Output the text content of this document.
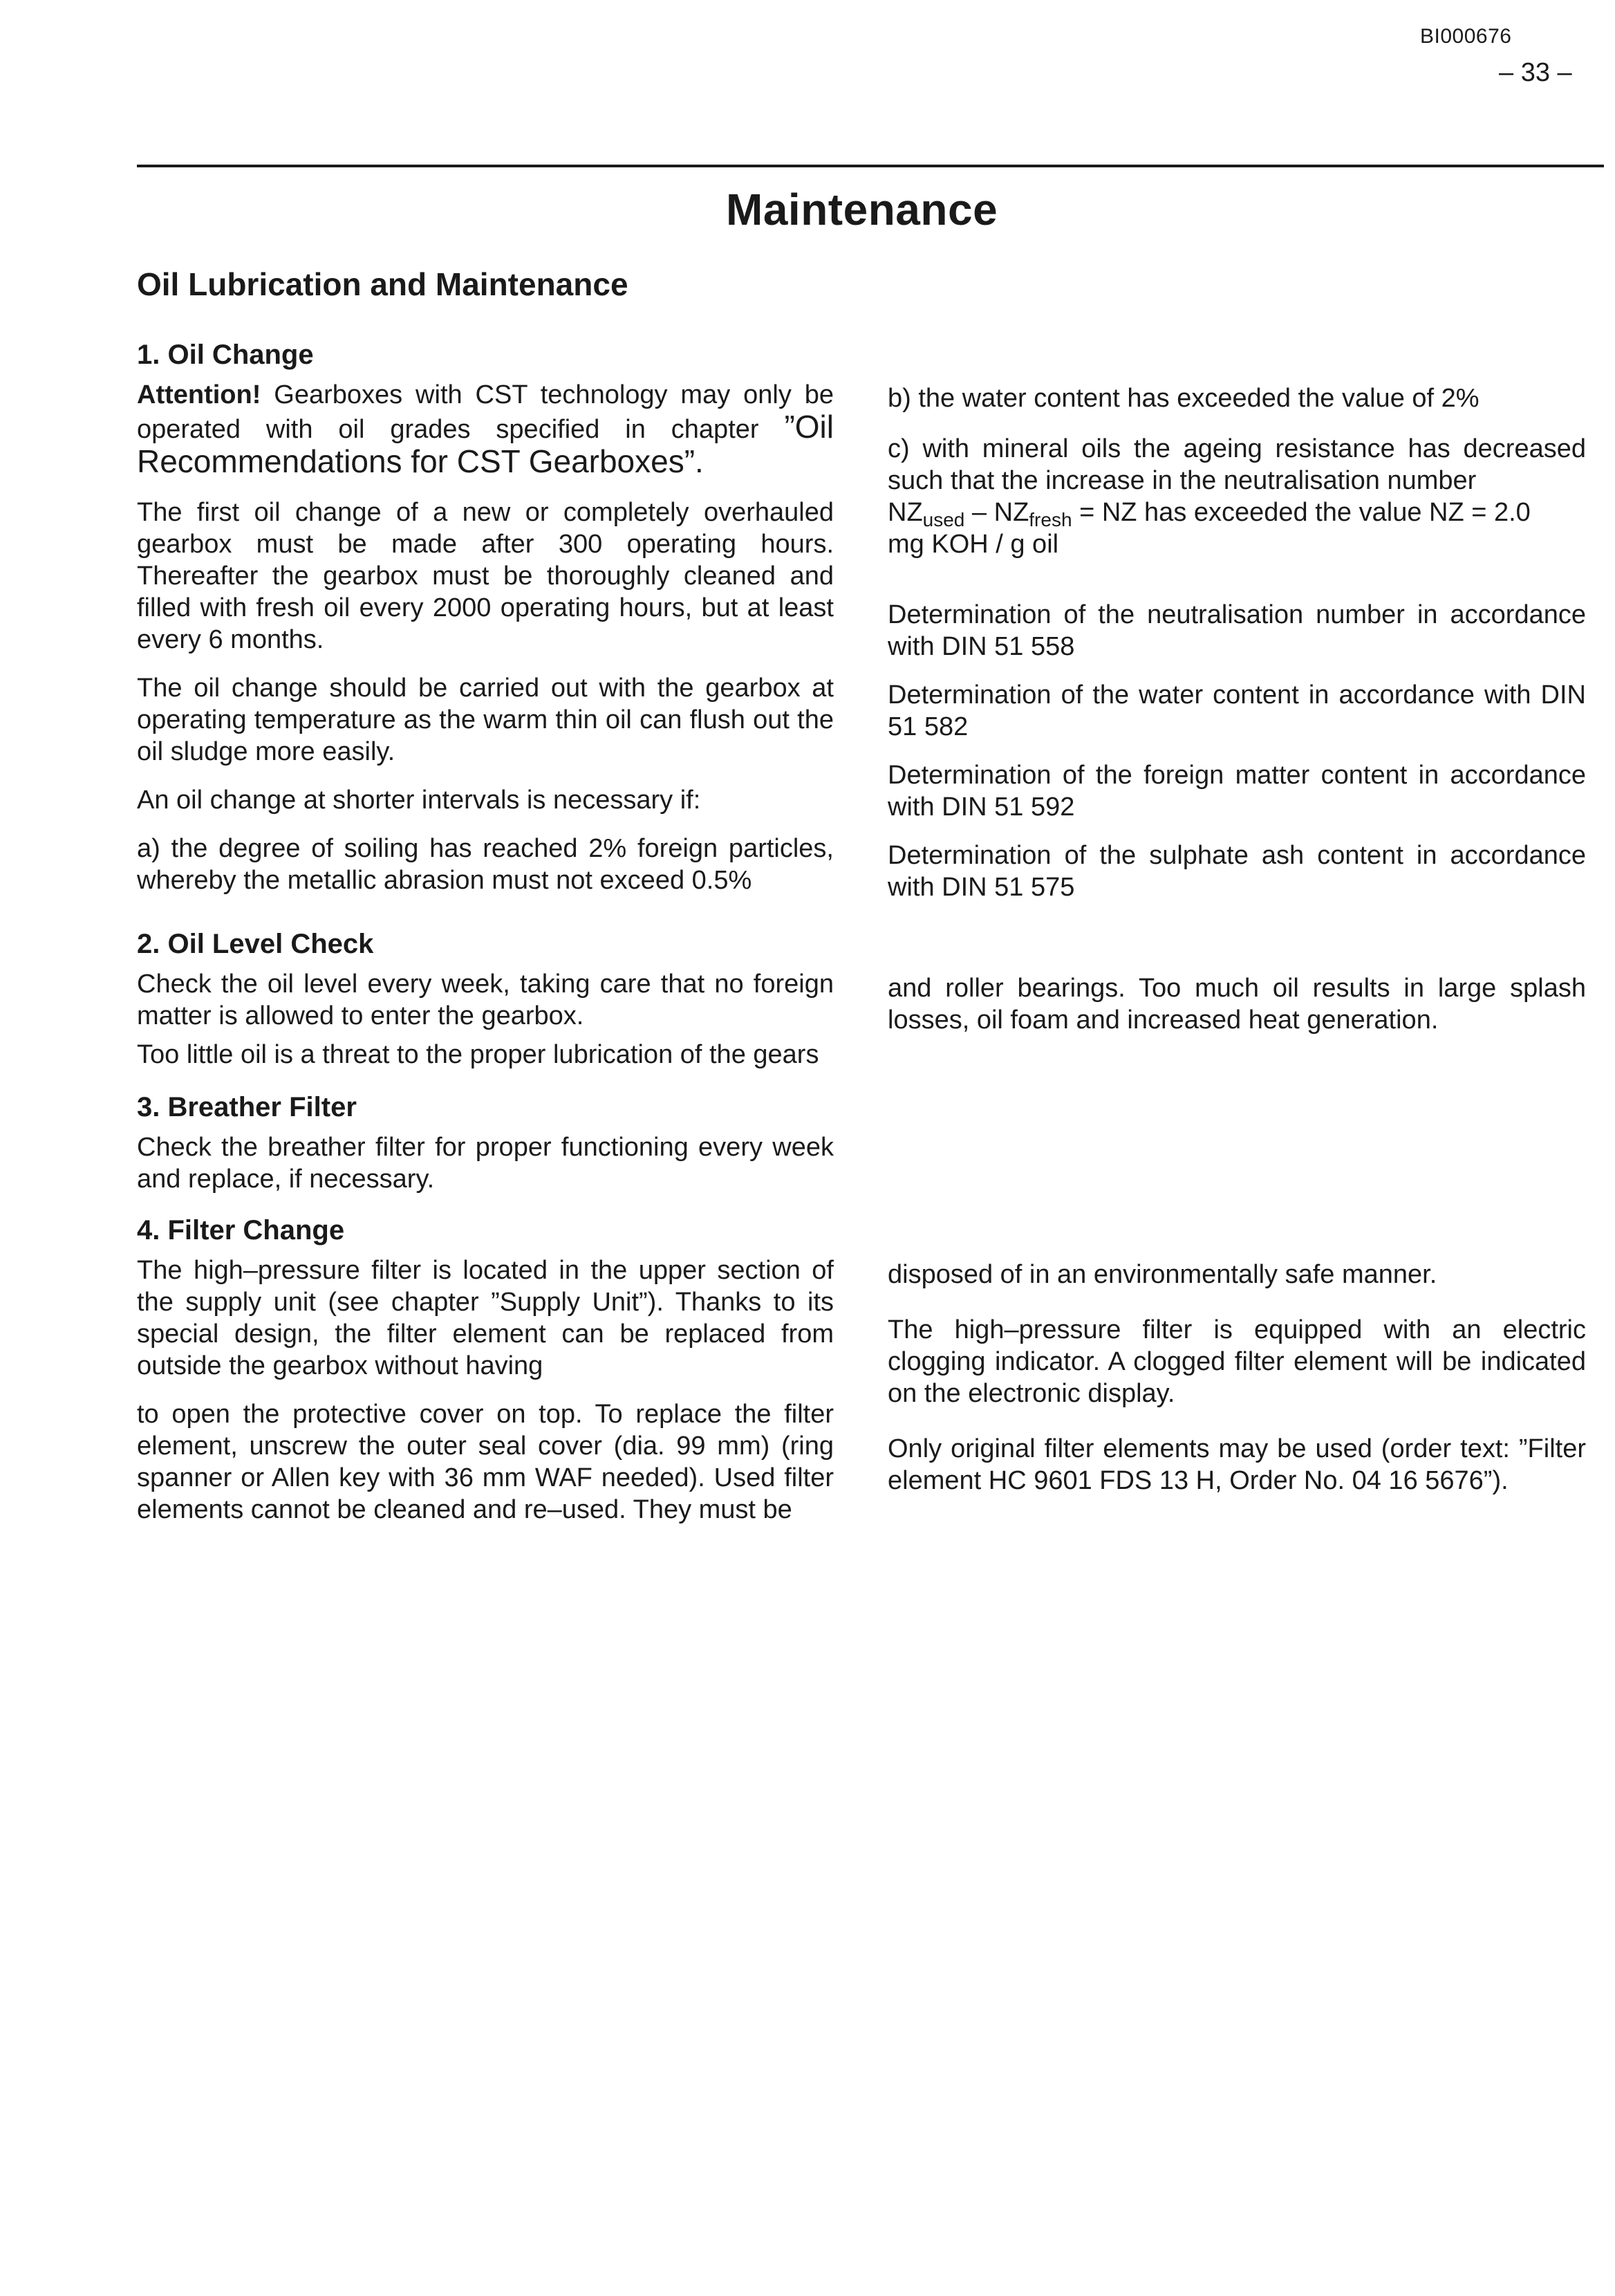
BI000676
– 33 –
Maintenance
Oil Lubrication and Maintenance
1. Oil Change

Attention! Gearboxes with CST technology may only be operated with oil grades specified in chapter ”Oil Recommendations for CST Gearboxes”.

The first oil change of a new or completely overhauled gearbox must be made after 300 operating hours. Thereafter the gearbox must be thoroughly cleaned and filled with fresh oil every 2000 operating hours, but at least every 6 months.

The oil change should be carried out with the gearbox at operating temperature as the warm thin oil can flush out the oil sludge more easily.

An oil change at shorter intervals is necessary if:

a) the degree of soiling has reached 2% foreign particles, whereby the metallic abrasion must not exceed 0.5%

b) the water content has exceeded the value of 2%

c) with mineral oils the ageing resistance has decreased such that the increase in the neutralisation number

$NZ_{used} - NZ_{fresh}$ = NZ has exceeded the value NZ = 2.0
mg KOH / g oil

Determination of the neutralisation number in accordance with DIN 51 558

Determination of the water content in accordance with DIN 51 582

Determination of the foreign matter content in accordance with DIN 51 592

Determination of the sulphate ash content in accordance with DIN 51 575

2. Oil Level Check

Check the oil level every week, taking care that no foreign matter is allowed to enter the gearbox.

Too little oil is a threat to the proper lubrication of the gears

and roller bearings. Too much oil results in large splash losses, oil foam and increased heat generation.
3. Breather Filter
Check the breather filter for proper functioning every week and replace, if necessary.
4. Filter Change

The high–pressure filter is located in the upper section of the supply unit (see chapter ”Supply Unit”). Thanks to its special design, the filter element can be replaced from outside the gearbox without having

to open the protective cover on top. To replace the filter element, unscrew the outer seal cover (dia. 99 mm) (ring spanner or Allen key with 36 mm WAF needed). Used filter elements cannot be cleaned and re–used. They must be

disposed of in an environmentally safe manner.

The high–pressure filter is equipped with an electric clogging indicator. A clogged filter element will be indicated on the electronic display.

Only original filter elements may be used (order text: ”Filter element HC 9601 FDS 13 H, Order No. 04 16 5676”).
